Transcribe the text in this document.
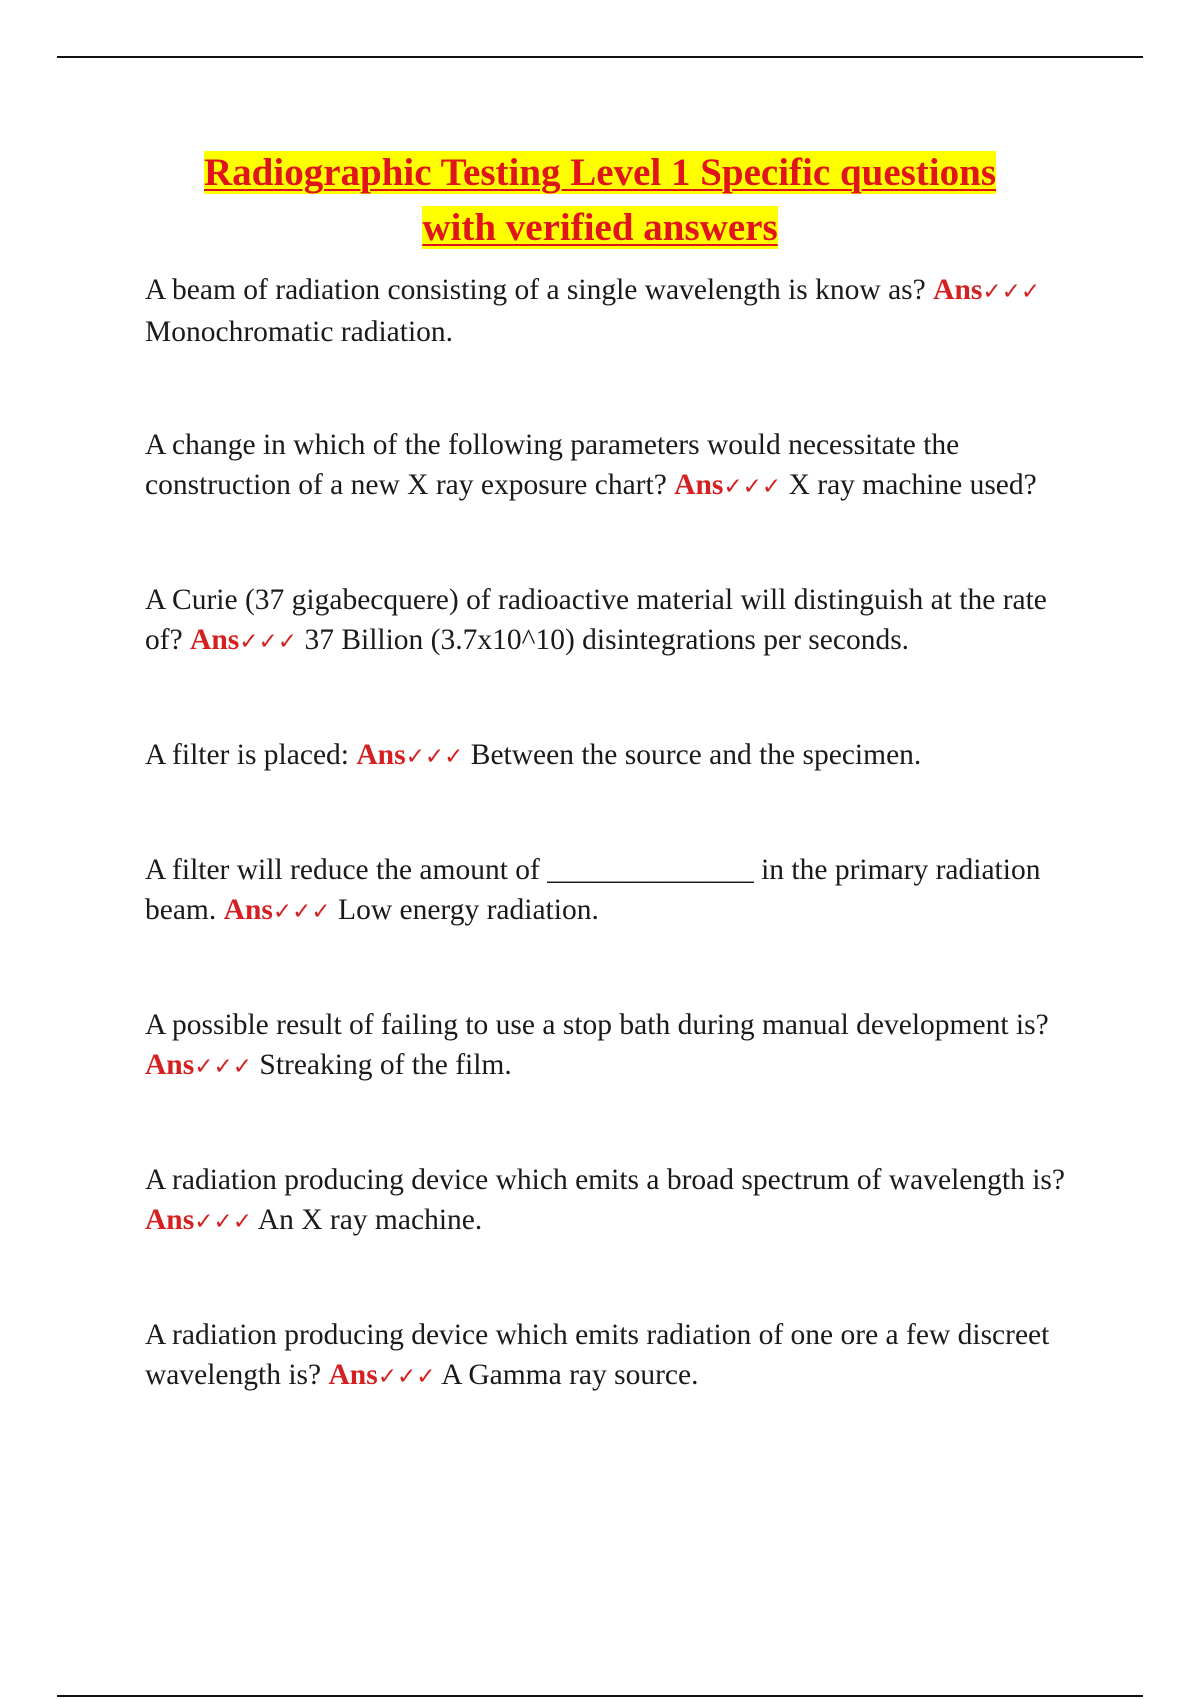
Radiographic Testing Level 1 Specific questions
with verified answers

A beam of radiation consisting of a single wavelength is know as? Ans✓✓✓ Monochromatic radiation.

A change in which of the following parameters would necessitate the construction of a new X ray exposure chart? Ans✓✓✓ X ray machine used?

A Curie (37 gigabecquere) of radioactive material will distinguish at the rate of? Ans✓✓✓ 37 Billion (3.7x10^10) disintegrations per seconds.

A filter is placed: Ans✓✓✓ Between the source and the specimen.

A filter will reduce the amount of ______________ in the primary radiation beam. Ans✓✓✓ Low energy radiation.

A possible result of failing to use a stop bath during manual development is? Ans✓✓✓ Streaking of the film.

A radiation producing device which emits a broad spectrum of wavelength is? Ans✓✓✓ An X ray machine.

A radiation producing device which emits radiation of one ore a few discreet wavelength is? Ans✓✓✓ A Gamma ray source.
